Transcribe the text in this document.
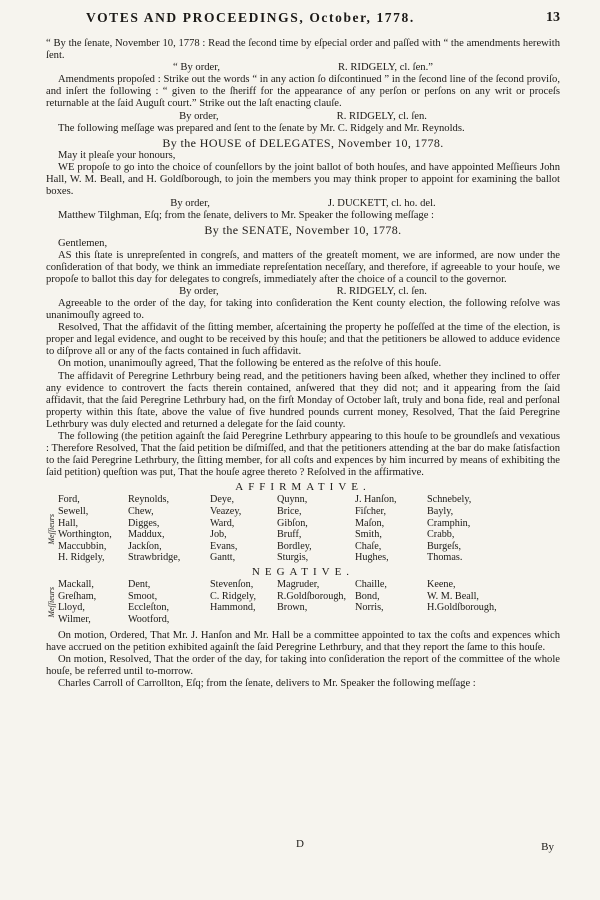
VOTES AND PROCEEDINGS, October, 1778.	13

“ By the ſenate, November 10, 1778 : Read the ſecond time by eſpecial order and paſſed with “ the amendments herewith ſent.

“ By order,	R. RIDGELY, cl. ſen.”

Amendments propoſed : Strike out the words “ in any action ſo diſcontinued ” in the ſecond line of the ſecond proviſo, and inſert the following : “ given to the ſheriff for the appearance of any perſon or perſons on any writ or proceſs returnable at the ſaid Auguſt court.” Strike out the laſt enacting clauſe.

By order,	R. RIDGELY, cl. ſen.

The following meſſage was prepared and ſent to the ſenate by Mr. C. Ridgely and Mr. Reynolds.

By the HOUSE of DELEGATES, November 10, 1778.

May it pleaſe your honours,

WE propoſe to go into the choice of counſellors by the joint ballot of both houſes, and have appointed Meſſieurs John Hall, W. M. Beall, and H. Goldſborough, to join the members you may think proper to appoint for examining the ballot boxes.

By order,	J. DUCKETT, cl. ho. del.

Matthew Tilghman, Eſq; from the ſenate, delivers to Mr. Speaker the following meſſage :

By the SENATE, November 10, 1778.

Gentlemen,

AS this ſtate is unrepreſented in congreſs, and matters of the greateſt moment, we are informed, are now under the conſideration of that body, we think an immediate repreſentation neceſſary, and therefore, if agreeable to your houſe, we propoſe to ballot this day for delegates to congreſs, immediately after the choice of a council to the governor.

By order,	R. RIDGELY, cl. ſen.

Agreeable to the order of the day, for taking into conſideration the Kent county election, the following reſolve was unanimouſly agreed to.

Resolved, That the affidavit of the ſitting member, aſcertaining the property he poſſeſſed at the time of the election, is proper and legal evidence, and ought to be received by this houſe; and that the petitioners be allowed to adduce evidence to diſprove all or any of the facts contained in ſuch affidavit.

On motion, unanimouſly agreed, That the following be entered as the reſolve of this houſe.

The affidavit of Peregrine Lethrbury being read, and the petitioners having been aſked, whether they inclined to offer any evidence to controvert the facts therein contained, anſwered that they did not; and it appearing from the ſaid affidavit, that the ſaid Peregrine Lethrbury had, on the firſt Monday of October laſt, truly and bona fide, real and perſonal property within this ſtate, above the value of five hundred pounds current money, Resolved, That the ſaid Peregrine Lethrbury was duly elected and returned a delegate for the ſaid county.

The following (the petition againſt the ſaid Peregrine Lethrbury appearing to this houſe to be groundleſs and vexatious : Therefore Resolved, That the ſaid petition be diſmiſſed, and that the petitioners attending at the bar do make ſatisfaction to the ſaid Peregrine Lethrbury, the ſitting member, for all coſts and expences by him incurred by means of exhibiting the ſaid petition) queſtion was put, That the houſe agree thereto ? Reſolved in the affirmative.

AFFIRMATIVE.
Meſſieurs
Ford,	Reynolds,	Deye,	Quynn,	J. Hanſon,	Schnebely,
Sewell,	Chew,	Veazey,	Brice,	Fiſcher,	Bayly,
Hall,	Digges,	Ward,	Gibſon,	Maſon,	Cramphin,
Worthington,	Maddux,	Job,	Bruff,	Smith,	Crabb,
Maccubbin,	Jackſon,	Evans,	Bordley,	Chaſe,	Burgeſs,
H. Ridgely,	Strawbridge,	Gantt,	Sturgis,	Hughes,	Thomas.
NEGATIVE.
Meſſieurs
Mackall,	Dent,	Stevenſon,	Magruder,	Chaille,	Keene,
Greſham,	Smoot,	C. Ridgely,	R.Goldſborough, Bond,	W. M. Beall,
Lloyd,	Eccleſton,	Hammond,	Brown,	Norris,	H.Goldſborough,
Wilmer,	Wootford,

On motion, Ordered, That Mr. J. Hanſon and Mr. Hall be a committee appointed to tax the coſts and expences which have accrued on the petition exhibited againſt the ſaid Peregrine Lethrbury, and that they report the ſame to this houſe.

On motion, Resolved, That the order of the day, for taking into conſideration the report of the committee of the whole houſe, be referred until to-morrow.

Charles Carroll of Carrollton, Eſq; from the ſenate, delivers to Mr. Speaker the following meſſage :

D	By
